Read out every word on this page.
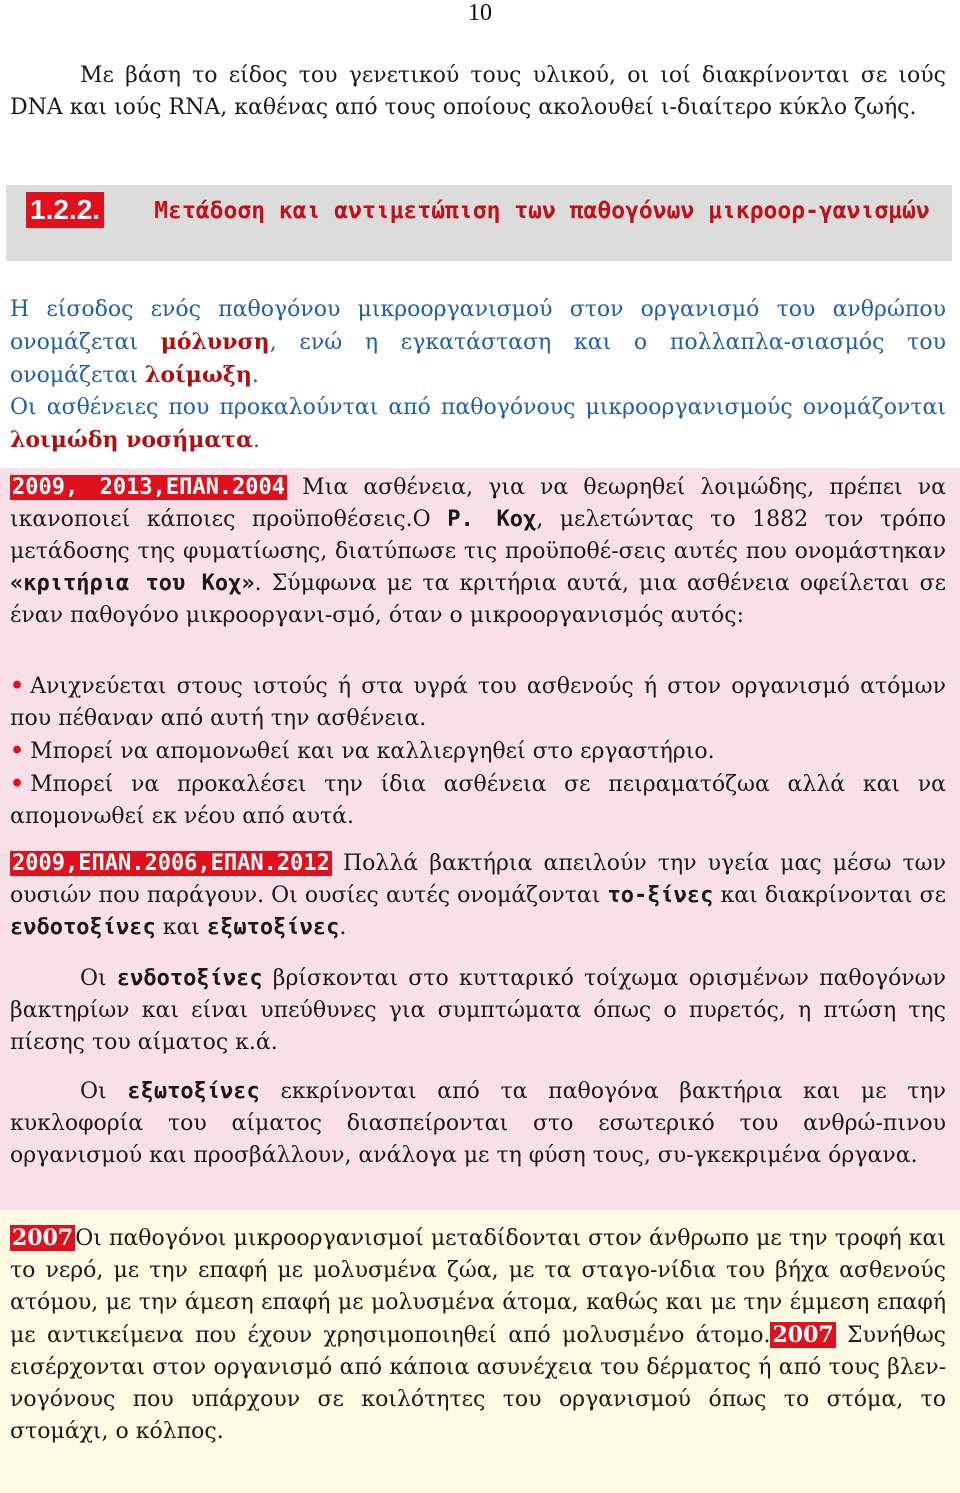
10

Με βάση το είδος του γενετικού τους υλικού, οι ιοί διακρίνονται σε ιούς DNA και ιούς RNA, καθένας από τους οποίους ακολουθεί ι-διαίτερο κύκλο ζωής.

1.2.2.	Μετάδοση και αντιμετώπιση των παθογόνων μικροορ-γανισμών

Η είσοδος ενός παθογόνου μικροοργανισμού στον οργανισμό του ανθρώπου ονομάζεται μόλυνση, ενώ η εγκατάσταση και ο πολλαπλα-σιασμός του ονομάζεται λοίμωξη.

Οι ασθένειες που προκαλούνται από παθογόνους μικροοργανισμούς ονομάζονται λοιμώδη νοσήματα.

2009, 2013,ΕΠΑΝ.2004 Μια ασθένεια, για να θεωρηθεί λοιμώδης, πρέπει να ικανοποιεί κάποιες προϋποθέσεις.Ο Ρ. Κοχ, μελετώντας το 1882 τον τρόπο μετάδοσης της φυματίωσης, διατύπωσε τις προϋποθέ-σεις αυτές που ονομάστηκαν «κριτήρια του Κοχ». Σύμφωνα με τα κριτήρια αυτά, μια ασθένεια οφείλεται σε έναν παθογόνο μικροοργανι-σμό, όταν ο μικροοργανισμός αυτός:

• Ανιχνεύεται στους ιστούς ή στα υγρά του ασθενούς ή στον οργανισμό ατόμων που πέθαναν από αυτή την ασθένεια.

• Μπορεί να απομονωθεί και να καλλιεργηθεί στο εργαστήριο.

• Μπορεί να προκαλέσει την ίδια ασθένεια σε πειραματόζωα αλλά και να απομονωθεί εκ νέου από αυτά.

2009,ΕΠΑΝ.2006,ΕΠΑΝ.2012 Πολλά βακτήρια απειλούν την υγεία μας μέσω των ουσιών που παράγουν. Οι ουσίες αυτές ονομάζονται το-ξίνες και διακρίνονται σε ενδοτοξίνες και εξωτοξίνες.

Οι ενδοτοξίνες βρίσκονται στο κυτταρικό τοίχωμα ορισμένων παθογόνων βακτηρίων και είναι υπεύθυνες για συμπτώματα όπως ο πυρετός, η πτώση της πίεσης του αίματος κ.ά.

Οι εξωτοξίνες εκκρίνονται από τα παθογόνα βακτήρια και με την κυκλοφορία του αίματος διασπείρονται στο εσωτερικό του ανθρώ-πινου οργανισμού και προσβάλλουν, ανάλογα με τη φύση τους, συ-γκεκριμένα όργανα.

2007Οι παθογόνοι μικροοργανισμοί μεταδίδονται στον άνθρωπο με την τροφή και το νερό, με την επαφή με μολυσμένα ζώα, με τα σταγο-νίδια του βήχα ασθενούς ατόμου, με την άμεση επαφή με μολυσμένα άτομα, καθώς και με την έμμεση επαφή με αντικείμενα που έχουν χρησιμοποιηθεί από μολυσμένο άτομο.2007 Συνήθως εισέρχονται στον οργανισμό από κάποια ασυνέχεια του δέρματος ή από τους βλεν-νογόνους που υπάρχουν σε κοιλότητες του οργανισμού όπως το στόμα, το στομάχι, ο κόλπος.
